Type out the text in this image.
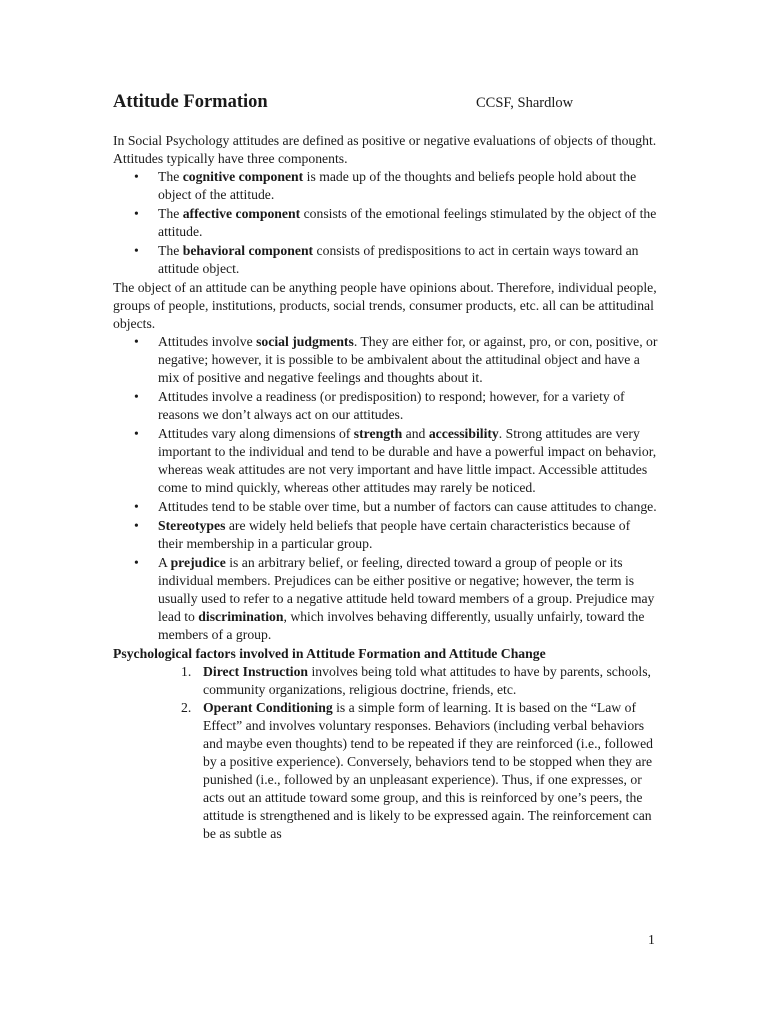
Attitude Formation	CCSF, Shardlow

In Social Psychology attitudes are defined as positive or negative evaluations of objects of thought. Attitudes typically have three components.

• The cognitive component is made up of the thoughts and beliefs people hold about the object of the attitude.
• The affective component consists of the emotional feelings stimulated by the object of the attitude.
• The behavioral component consists of predispositions to act in certain ways toward an attitude object.

The object of an attitude can be anything people have opinions about. Therefore, individual people, groups of people, institutions, products, social trends, consumer products, etc. all can be attitudinal objects.

• Attitudes involve social judgments. They are either for, or against, pro, or con, positive, or negative; however, it is possible to be ambivalent about the attitudinal object and have a mix of positive and negative feelings and thoughts about it.
• Attitudes involve a readiness (or predisposition) to respond; however, for a variety of reasons we don’t always act on our attitudes.
• Attitudes vary along dimensions of strength and accessibility. Strong attitudes are very important to the individual and tend to be durable and have a powerful impact on behavior, whereas weak attitudes are not very important and have little impact. Accessible attitudes come to mind quickly, whereas other attitudes may rarely be noticed.
• Attitudes tend to be stable over time, but a number of factors can cause attitudes to change.
• Stereotypes are widely held beliefs that people have certain characteristics because of their membership in a particular group.
• A prejudice is an arbitrary belief, or feeling, directed toward a group of people or its individual members. Prejudices can be either positive or negative; however, the term is usually used to refer to a negative attitude held toward members of a group. Prejudice may lead to discrimination, which involves behaving differently, usually unfairly, toward the members of a group.

Psychological factors involved in Attitude Formation and Attitude Change

1. Direct Instruction involves being told what attitudes to have by parents, schools, community organizations, religious doctrine, friends, etc.
2. Operant Conditioning is a simple form of learning. It is based on the “Law of Effect” and involves voluntary responses. Behaviors (including verbal behaviors and maybe even thoughts) tend to be repeated if they are reinforced (i.e., followed by a positive experience). Conversely, behaviors tend to be stopped when they are punished (i.e., followed by an unpleasant experience). Thus, if one expresses, or acts out an attitude toward some group, and this is reinforced by one’s peers, the attitude is strengthened and is likely to be expressed again. The reinforcement can be as subtle as
1
